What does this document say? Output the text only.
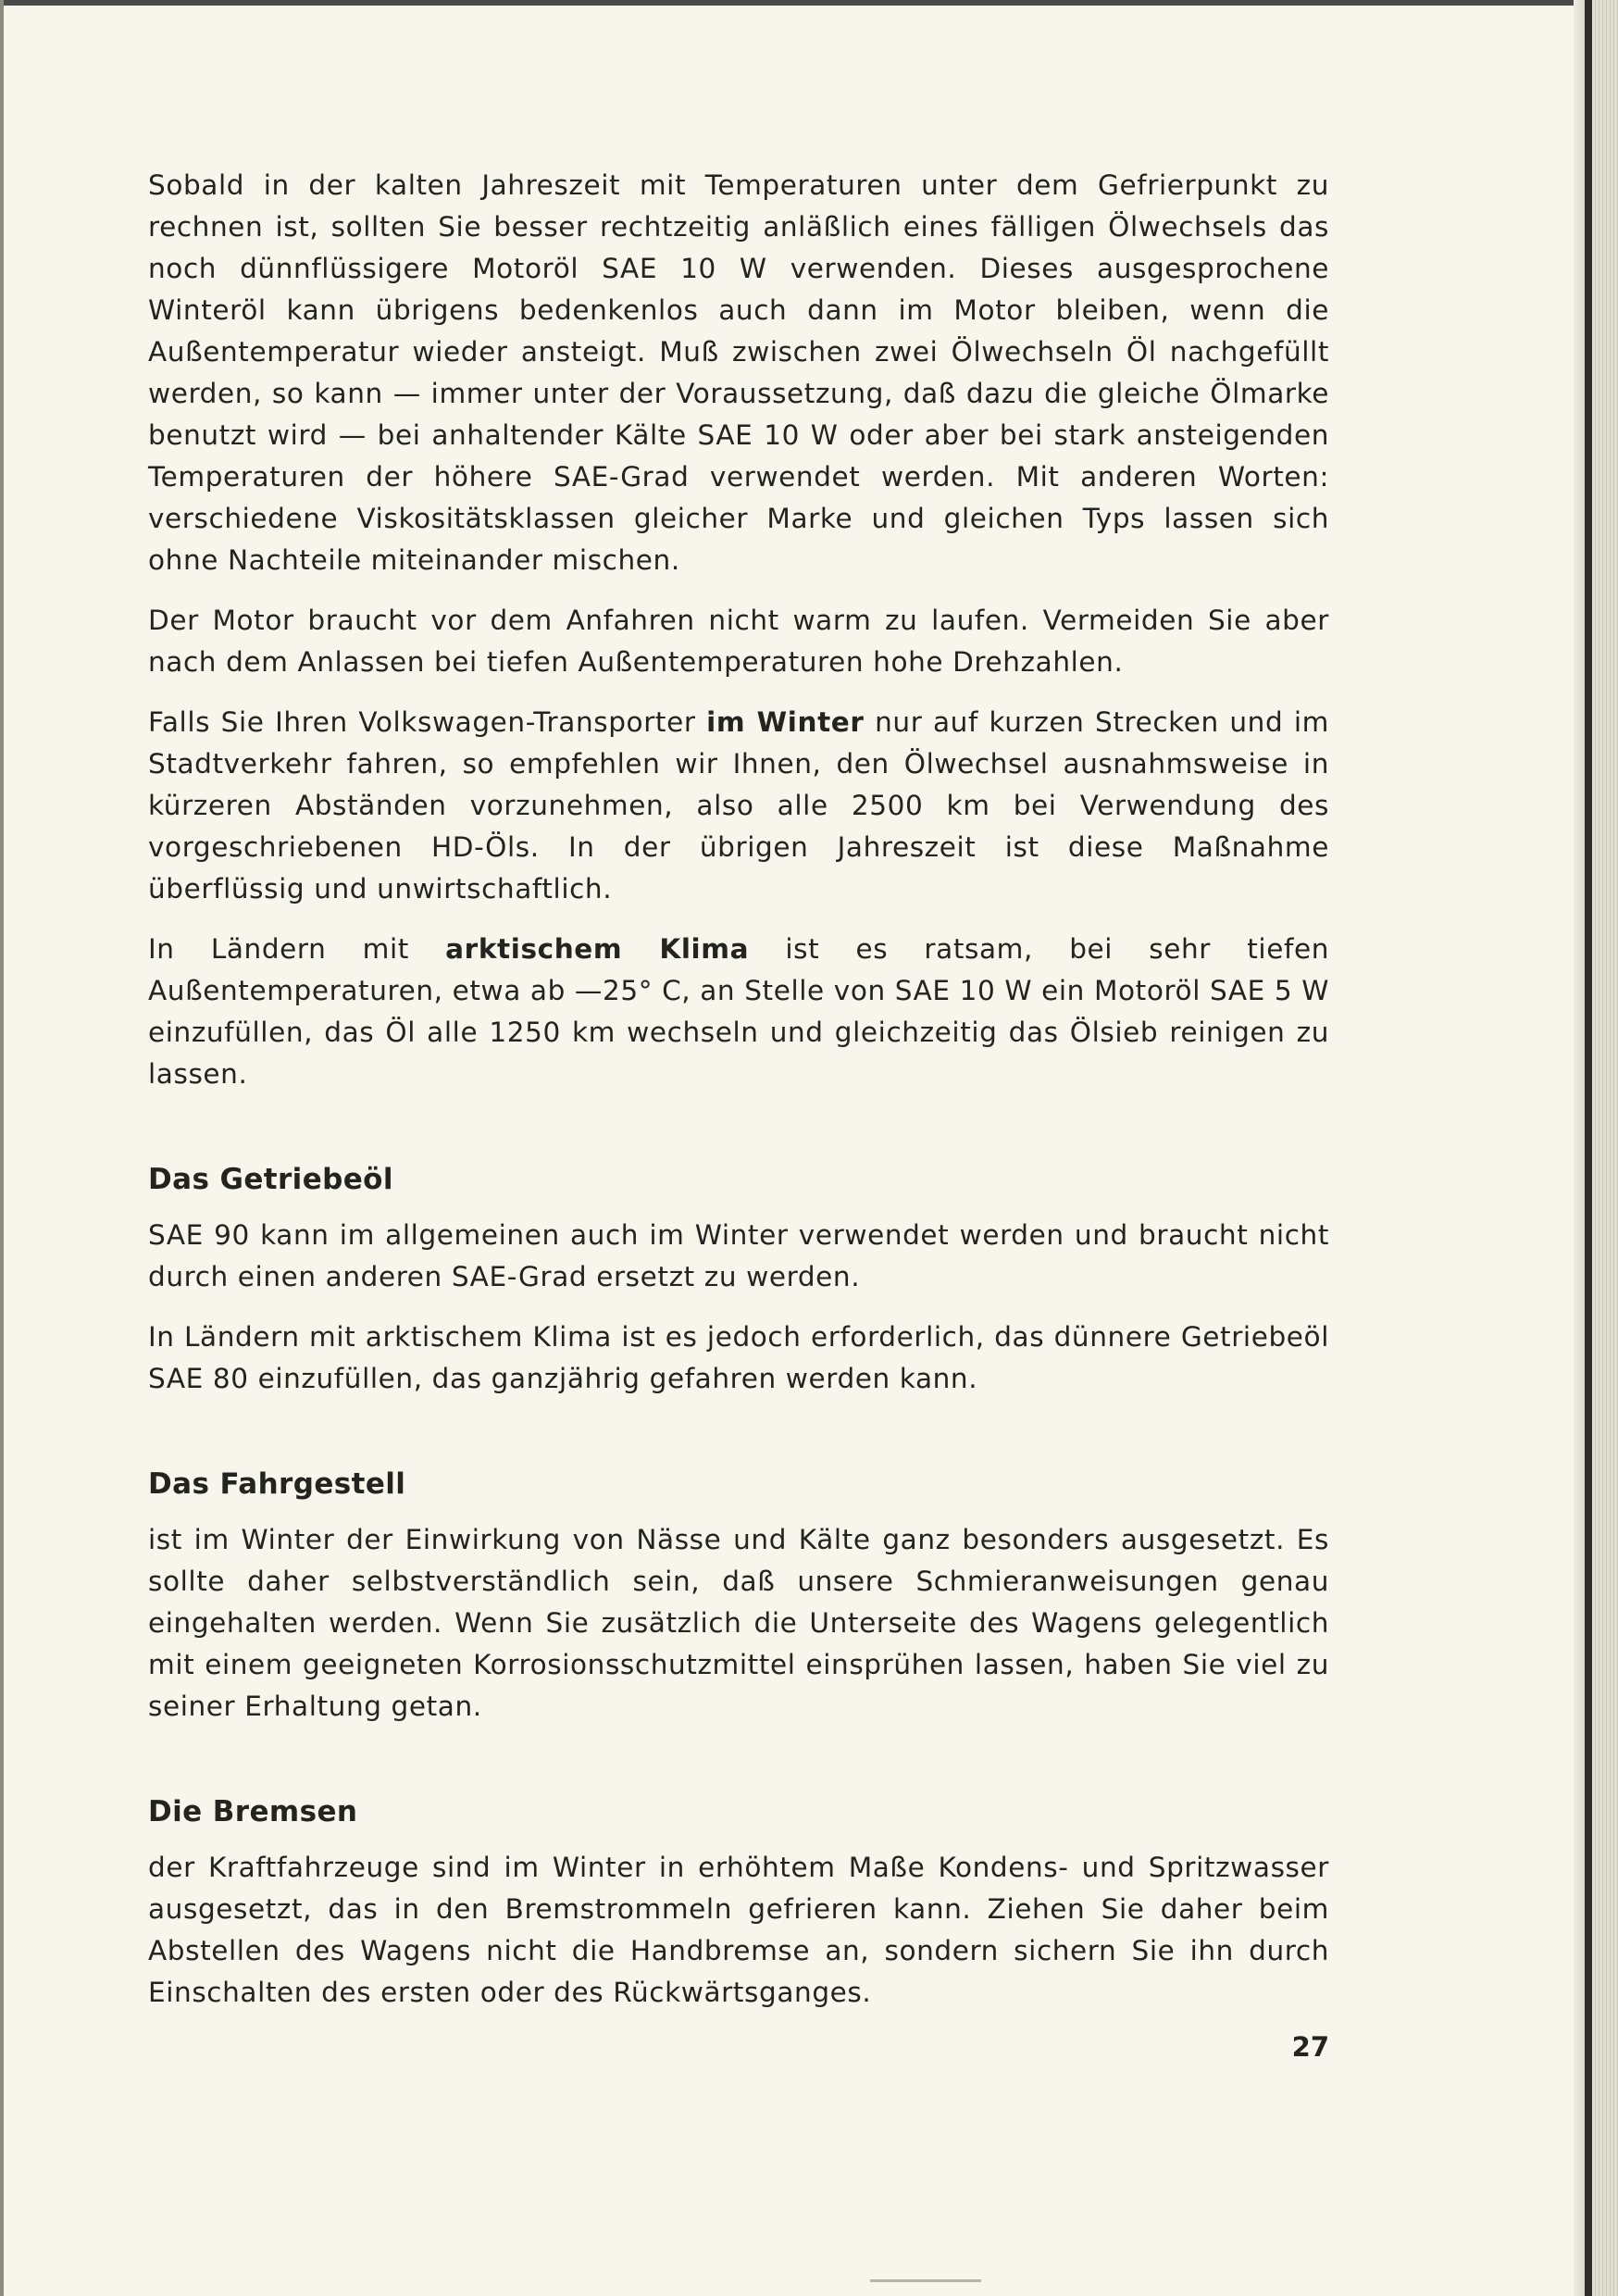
Sobald in der kalten Jahreszeit mit Temperaturen unter dem Gefrierpunkt zu rechnen ist, sollten Sie besser rechtzeitig anläßlich eines fälligen Ölwechsels das noch dünnflüssigere Motoröl SAE 10 W verwenden. Dieses ausgesprochene Winteröl kann übrigens bedenkenlos auch dann im Motor bleiben, wenn die Außentemperatur wieder ansteigt. Muß zwischen zwei Ölwechseln Öl nachgefüllt werden, so kann — immer unter der Voraussetzung, daß dazu die gleiche Ölmarke benutzt wird — bei anhaltender Kälte SAE 10 W oder aber bei stark ansteigenden Temperaturen der höhere SAE-Grad verwendet werden. Mit anderen Worten: verschiedene Viskositätsklassen gleicher Marke und gleichen Typs lassen sich ohne Nachteile miteinander mischen.

Der Motor braucht vor dem Anfahren nicht warm zu laufen. Vermeiden Sie aber nach dem Anlassen bei tiefen Außentemperaturen hohe Drehzahlen.

Falls Sie Ihren Volkswagen-Transporter im Winter nur auf kurzen Strecken und im Stadtverkehr fahren, so empfehlen wir Ihnen, den Ölwechsel ausnahmsweise in kürzeren Abständen vorzunehmen, also alle 2500 km bei Verwendung des vorgeschriebenen HD-Öls. In der übrigen Jahreszeit ist diese Maßnahme überflüssig und unwirtschaftlich.

In Ländern mit arktischem Klima ist es ratsam, bei sehr tiefen Außentemperaturen, etwa ab —25° C, an Stelle von SAE 10 W ein Motoröl SAE 5 W einzufüllen, das Öl alle 1250 km wechseln und gleichzeitig das Ölsieb reinigen zu lassen.

Das Getriebeöl

SAE 90 kann im allgemeinen auch im Winter verwendet werden und braucht nicht durch einen anderen SAE-Grad ersetzt zu werden.

In Ländern mit arktischem Klima ist es jedoch erforderlich, das dünnere Getriebeöl SAE 80 einzufüllen, das ganzjährig gefahren werden kann.

Das Fahrgestell

ist im Winter der Einwirkung von Nässe und Kälte ganz besonders ausgesetzt. Es sollte daher selbstverständlich sein, daß unsere Schmieranweisungen genau eingehalten werden. Wenn Sie zusätzlich die Unterseite des Wagens gelegentlich mit einem geeigneten Korrosionsschutzmittel einsprühen lassen, haben Sie viel zu seiner Erhaltung getan.

Die Bremsen

der Kraftfahrzeuge sind im Winter in erhöhtem Maße Kondens- und Spritzwasser ausgesetzt, das in den Bremstrommeln gefrieren kann. Ziehen Sie daher beim Abstellen des Wagens nicht die Handbremse an, sondern sichern Sie ihn durch Einschalten des ersten oder des Rückwärtsganges.

27
